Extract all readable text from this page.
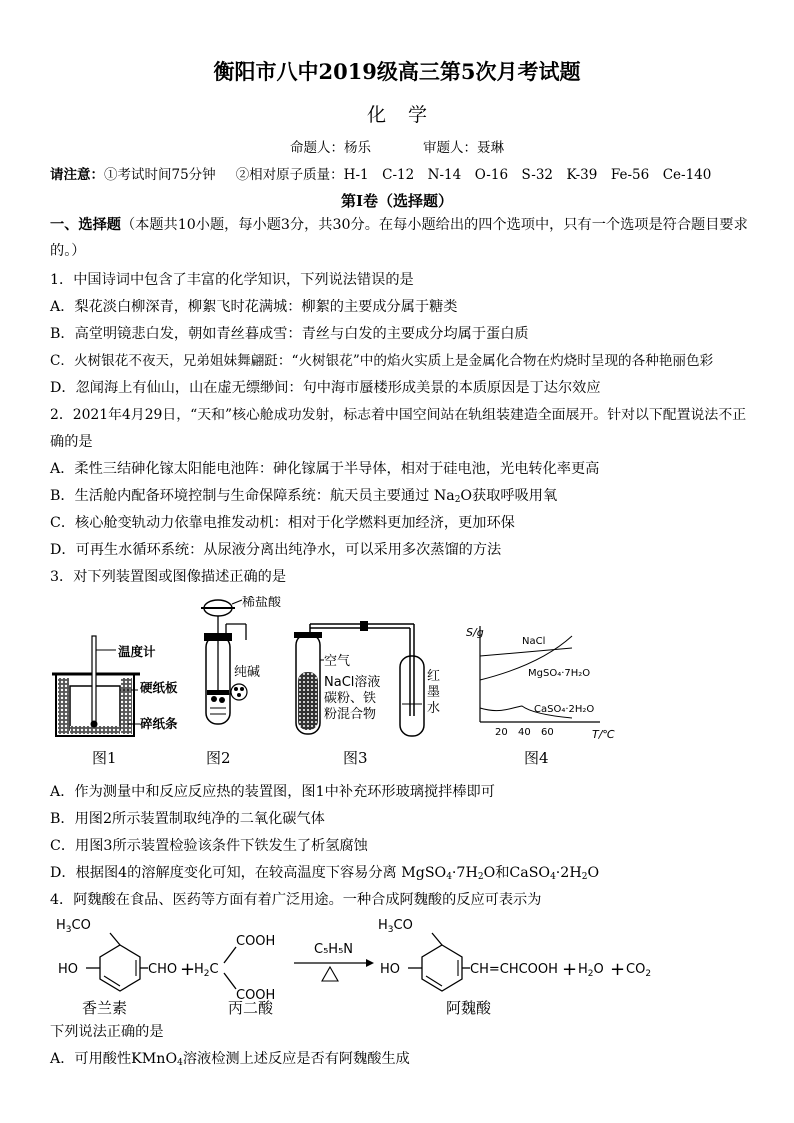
衡阳市八中2019级高三第5次月考试题
化学
命题人：杨乐	审题人：聂琳
请注意：①考试时间75分钟 ②相对原子质量：H-1　C-12　N-14　O-16　S-32　K-39　Fe-56　Ce-140
第I卷（选择题）
一、选择题（本题共10小题，每小题3分，共30分。在每小题给出的四个选项中，只有一个选项是符合题目要求
的。）
1．中国诗词中包含了丰富的化学知识，下列说法错误的是
A．梨花淡白柳深青，柳絮飞时花满城：柳絮的主要成分属于糖类
B．高堂明镜悲白发，朝如青丝暮成雪：青丝与白发的主要成分均属于蛋白质
C．火树银花不夜天，兄弟姐妹舞翩跹：“火树银花”中的焰火实质上是金属化合物在灼烧时呈现的各种艳丽色彩
D．忽闻海上有仙山，山在虚无缥缈间：句中海市蜃楼形成美景的本质原因是丁达尔效应
2．2021年4月29日，“天和”核心舱成功发射，标志着中国空间站在轨组装建造全面展开。针对以下配置说法不正
确的是
A．柔性三结砷化镓太阳能电池阵：砷化镓属于半导体，相对于硅电池，光电转化率更高
B．生活舱内配备环境控制与生命保障系统：航天员主要通过 $Na_2O$获取呼吸用氧
C．核心舱变轨动力依靠电推发动机：相对于化学燃料更加经济，更加环保
D．可再生水循环系统：从尿液分离出纯净水，可以采用多次蒸馏的方法
3．对下列装置图或图像描述正确的是
温度计
硬纸板
碎纸条
稀盐酸
纯碱
空气
NaCl溶液
碳粉、铁
粉混合物
红
墨
水
S/g
T/℃
NaCl
MgSO₄·7H₂O
CaSO₄·2H₂O
20 40 60
图1	图2	图3	图4
A．作为测量中和反应反应热的装置图，图1中补充环形玻璃搅拌棒即可
B．用图2所示装置制取纯净的二氧化碳气体
C．用图3所示装置检验该条件下铁发生了析氢腐蚀
D．根据图4的溶解度变化可知，在较高温度下容易分离 $MgSO_4\cdot 7H_2O$和$CaSO_4\cdot 2H_2O$
4．阿魏酸在食品、医药等方面有着广泛用途。一种合成阿魏酸的反应可表示为
$H_3CO$
HO	CHO +
$H_2C$
COOH
COOH
C₅H₅N
$H_3CO$
HO	CH=CHCOOH + $H_2O + CO_2$
香兰素	丙二酸	阿魏酸
下列说法正确的是
A．可用酸性KMnO$_4$溶液检测上述反应是否有阿魏酸生成
